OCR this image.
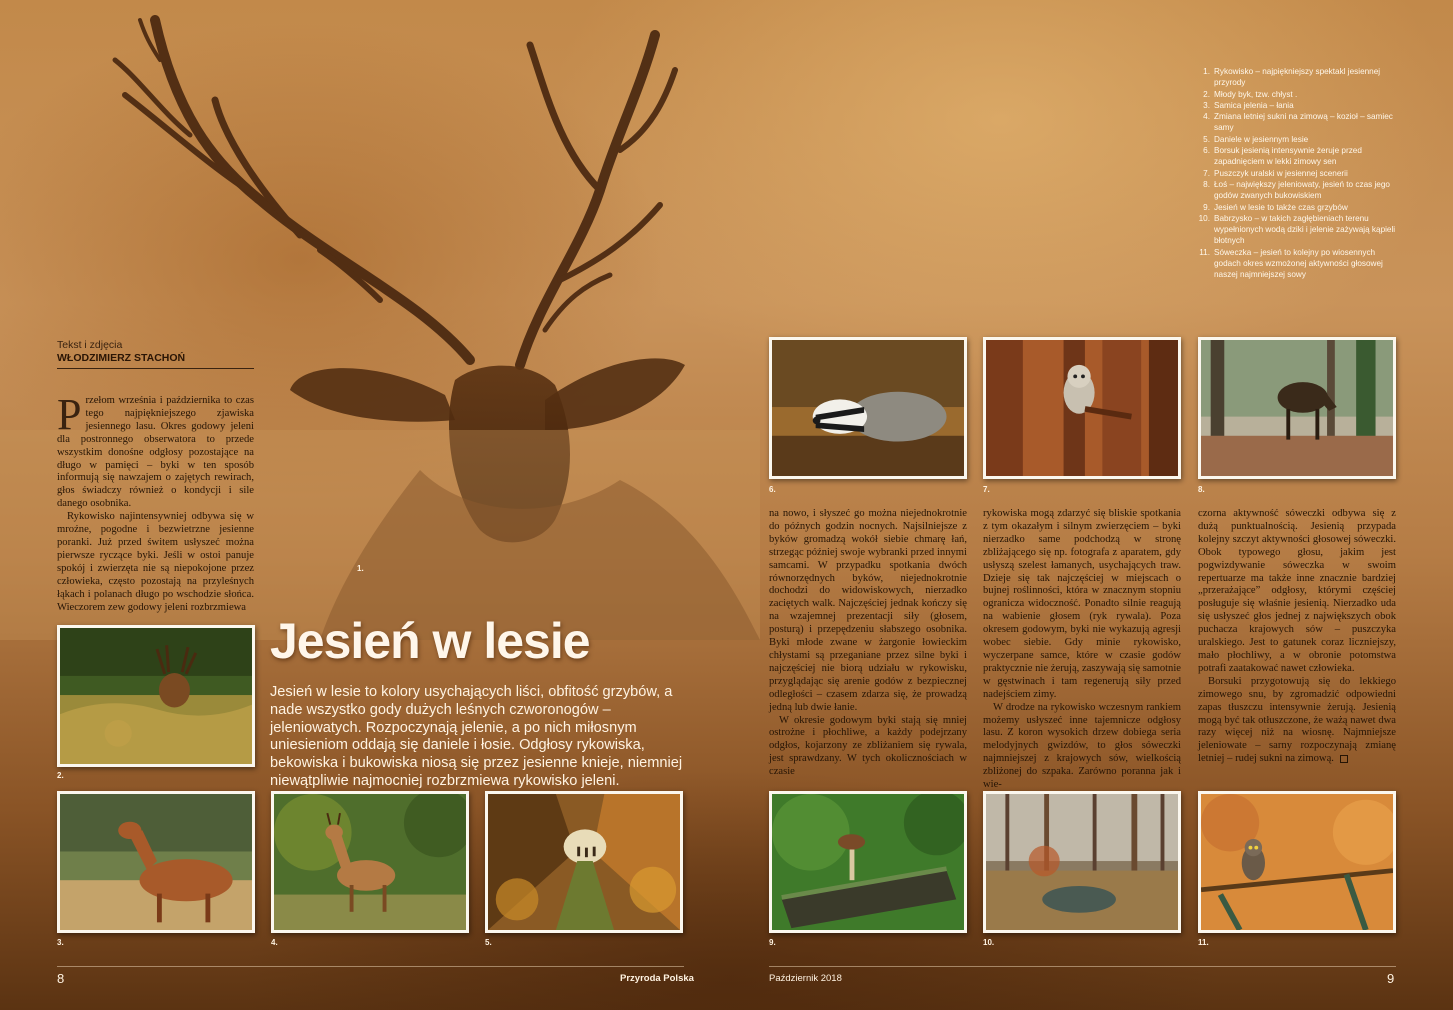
1.
Tekst i zdjęcia
WŁODZIMIERZ STACHOŃ

Przełom września i października to czas tego najpiękniejszego zjawiska jesiennego lasu. Okres godowy jeleni dla postronnego obserwatora to przede wszystkim donośne odgłosy pozostające na długo w pamięci – byki w ten sposób informują się nawzajem o zajętych rewirach, głos świadczy również o kondycji i sile danego osobnika.

Rykowisko najintensywniej odbywa się w mroźne, pogodne i bezwietrzne jesienne poranki. Już przed świtem usłyszeć można pierwsze ryczące byki. Jeśli w ostoi panuje spokój i zwierzęta nie są niepokojone przez człowieka, często pozostają na przyleśnych łąkach i polanach długo po wschodzie słońca. Wieczorem zew godowy jeleni rozbrzmiewa

Jesień w lesie
Jesień w lesie to kolory usychających liści, obfitość grzybów, a nade wszystko gody dużych leśnych czworonogów – jeleniowatych. Rozpoczynają jelenie, a po nich miłosnym uniesieniom oddają się daniele i łosie. Odgłosy rykowiska, bekowiska i bukowiska niosą się przez jesienne knieje, niemniej niewątpliwie najmocniej rozbrzmiewa rykowisko jeleni.
2.
3.	4.	5.
1. Rykowisko – najpiękniejszy spektakl jesiennej przyrody
2. Młody byk, tzw. chłyst .
3. Samica jelenia – łania
4. Zmiana letniej sukni na zimową – kozioł – samiec samy
5. Daniele w jesiennym lesie
6. Borsuk jesienią intensywnie żeruje przed zapadnięciem w lekki zimowy sen
7. Puszczyk uralski w jesiennej scenerii
8. Łoś – największy jeleniowaty, jesień to czas jego godów zwanych bukowiskiem
9. Jesień w lesie to także czas grzybów
10. Babrzysko – w takich zagłębieniach terenu wypełnionych wodą dziki i jelenie zażywają kąpieli błotnych
11. Sóweczka – jesień to kolejny po wiosennych godach okres wzmożonej aktywności głosowej naszej najmniejszej sowy
6.	7.	8.

na nowo, i słyszeć go można niejednokrotnie do późnych godzin nocnych. Najsilniejsze z byków gromadzą wokół siebie chmarę łań, strzegąc później swoje wybranki przed innymi samcami. W przypadku spotkania dwóch równorzędnych byków, niejednokrotnie dochodzi do widowiskowych, nierzadko zaciętych walk. Najczęściej jednak kończy się na wzajemnej prezentacji siły (głosem, posturą) i przepędzeniu słabszego osobnika. Byki młode zwane w żargonie łowieckim chłystami są przeganiane przez silne byki i najczęściej nie biorą udziału w rykowisku, przyglądając się arenie godów z bezpiecznej odległości – czasem zdarza się, że prowadzą jedną lub dwie łanie.

W okresie godowym byki stają się mniej ostrożne i płochliwe, a każdy podejrzany odgłos, kojarzony ze zbliżaniem się rywala, jest sprawdzany. W tych okolicznościach w czasie

rykowiska mogą zdarzyć się bliskie spotkania z tym okazałym i silnym zwierzęciem – byki nierzadko same podchodzą w stronę zbliżającego się np. fotografa z aparatem, gdy usłyszą szelest łamanych, usychających traw. Dzieje się tak najczęściej w miejscach o bujnej roślinności, która w znacznym stopniu ogranicza widoczność. Ponadto silnie reagują na wabienie głosem (ryk rywala). Poza okresem godowym, byki nie wykazują agresji wobec siebie. Gdy minie rykowisko, wyczerpane samce, które w czasie godów praktycznie nie żerują, zaszywają się samotnie w gęstwinach i tam regenerują siły przed nadejściem zimy.

W drodze na rykowisko wczesnym rankiem możemy usłyszeć inne tajemnicze odgłosy lasu. Z koron wysokich drzew dobiega seria melodyjnych gwizdów, to głos sóweczki najmniejszej z krajowych sów, wielkością zbliżonej do szpaka. Zarówno poranna jak i wie-

czorna aktywność sóweczki odbywa się z dużą punktualnością. Jesienią przypada kolejny szczyt aktywności głosowej sóweczki. Obok typowego głosu, jakim jest pogwizdywanie sóweczka w swoim repertuarze ma także inne znacznie bardziej „przerażające” odgłosy, którymi częściej posługuje się właśnie jesienią. Nierzadko uda się usłyszeć głos jednej z największych obok puchacza krajowych sów – puszczyka uralskiego. Jest to gatunek coraz liczniejszy, mało płochliwy, a w obronie potomstwa potrafi zaatakować nawet człowieka.

Borsuki przygotowują się do lekkiego zimowego snu, by zgromadzić odpowiedni zapas tłuszczu intensywnie żerują. Jesienią mogą być tak otłuszczone, że ważą nawet dwa razy więcej niż na wiosnę. Najmniejsze jeleniowate – sarny rozpoczynają zmianę letniej – rudej sukni na zimową.

9.	10.	11.
8	Przyroda Polska	Październik 2018	9
